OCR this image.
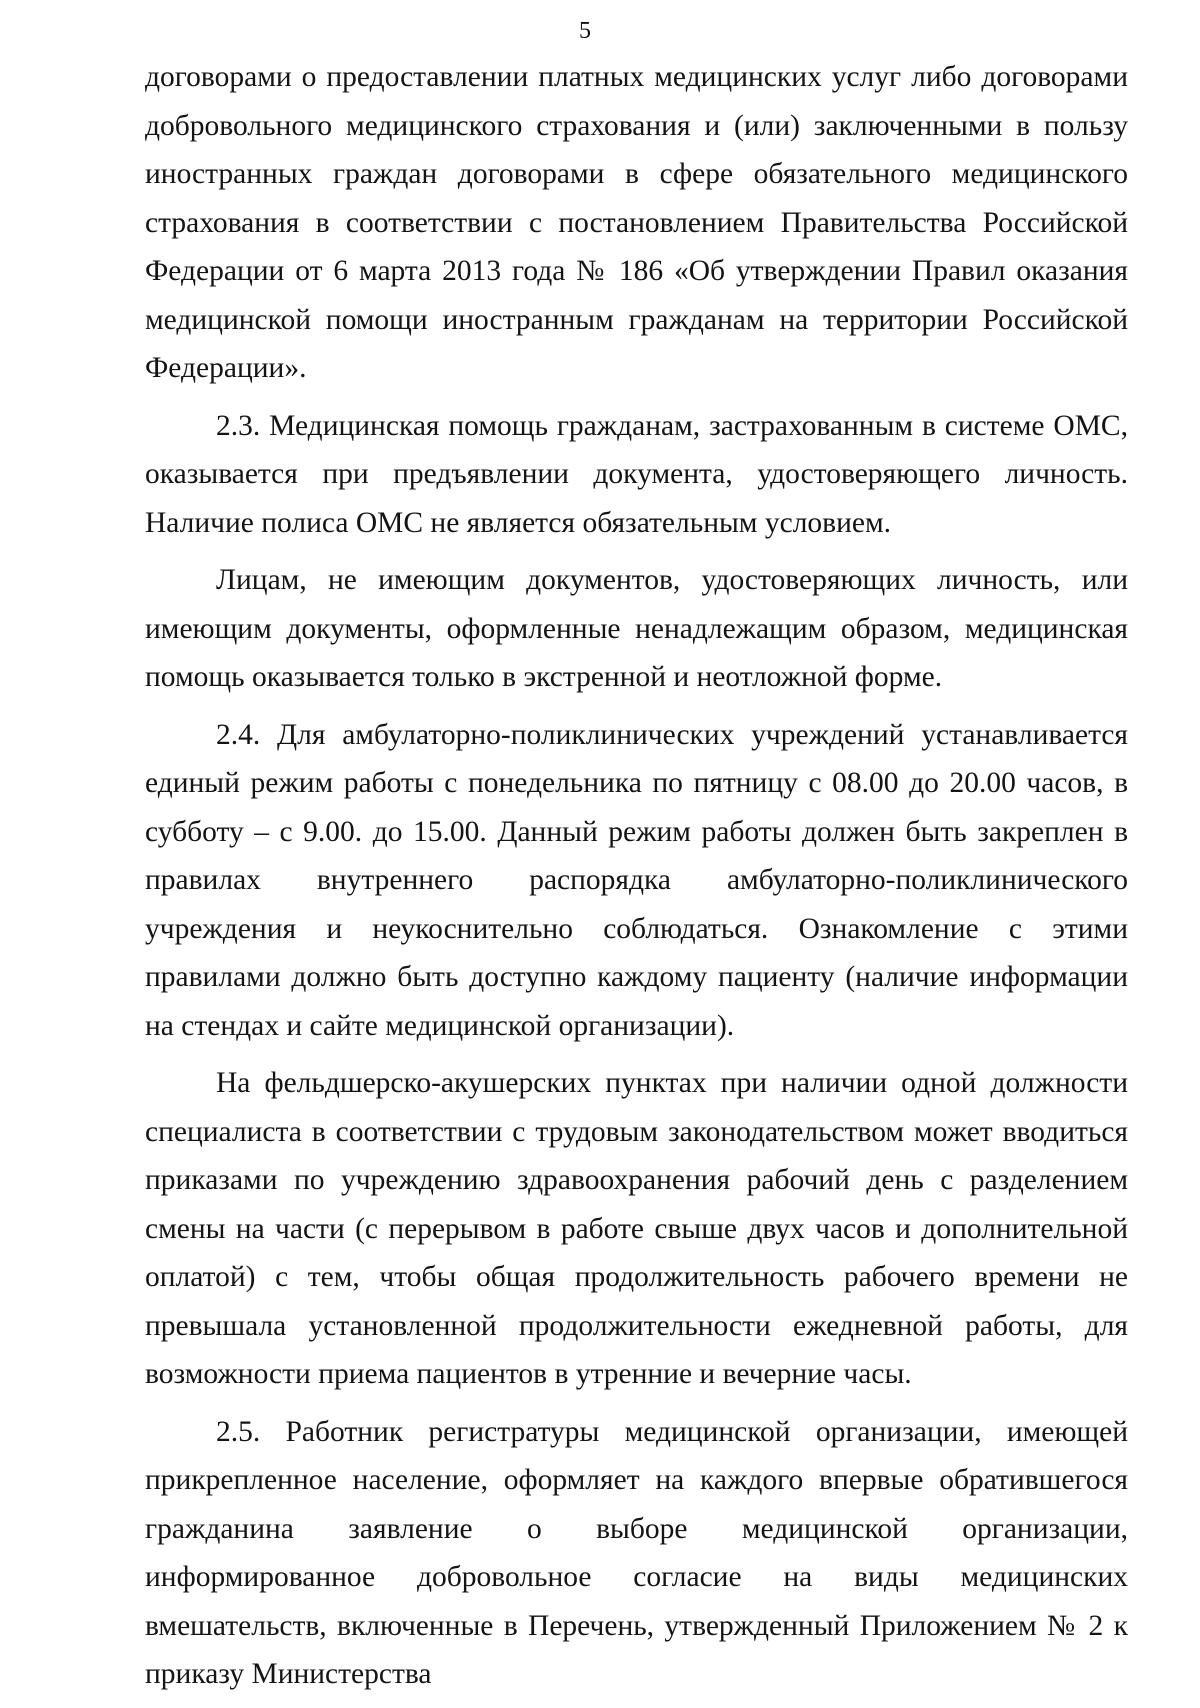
5

договорами о предоставлении платных медицинских услуг либо договорами добровольного медицинского страхования и (или) заключенными в пользу иностранных граждан договорами в сфере обязательного медицинского страхования в соответствии с постановлением Правительства Российской Федерации от 6 марта 2013 года № 186 «Об утверждении Правил оказания медицинской помощи иностранным гражданам на территории Российской Федерации».

2.3. Медицинская помощь гражданам, застрахованным в системе ОМС, оказывается при предъявлении документа, удостоверяющего личность. Наличие полиса ОМС не является обязательным условием.

Лицам, не имеющим документов, удостоверяющих личность, или имеющим документы, оформленные ненадлежащим образом, медицинская помощь оказывается только в экстренной и неотложной форме.

2.4. Для амбулаторно-поликлинических учреждений устанавливается единый режим работы с понедельника по пятницу с 08.00 до 20.00 часов, в субботу – с 9.00. до 15.00. Данный режим работы должен быть закреплен в правилах внутреннего распорядка амбулаторно-поликлинического учреждения и неукоснительно соблюдаться. Ознакомление с этими правилами должно быть доступно каждому пациенту (наличие информации на стендах и сайте медицинской организации).

На фельдшерско-акушерских пунктах при наличии одной должности специалиста в соответствии с трудовым законодательством может вводиться приказами по учреждению здравоохранения рабочий день с разделением смены на части (с перерывом в работе свыше двух часов и дополнительной оплатой) с тем, чтобы общая продолжительность рабочего времени не превышала установленной продолжительности ежедневной работы, для возможности приема пациентов в утренние и вечерние часы.

2.5. Работник регистратуры медицинской организации, имеющей прикрепленное население, оформляет на каждого впервые обратившегося гражданина заявление о выборе медицинской организации, информированное добровольное согласие на виды медицинских вмешательств, включенные в Перечень, утвержденный Приложением № 2 к приказу Министерства
